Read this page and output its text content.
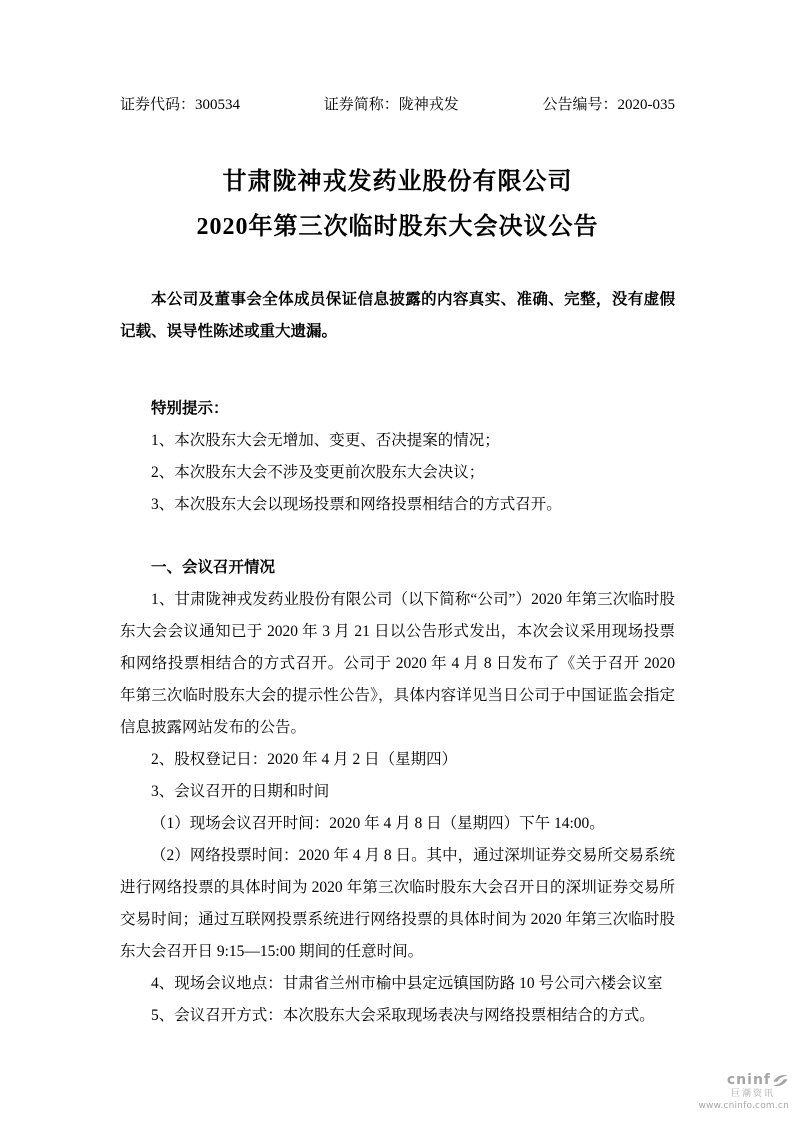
证券代码：300534	证券简称：陇神戎发	公告编号：2020-035
甘肃陇神戎发药业股份有限公司
2020年第三次临时股东大会决议公告

本公司及董事会全体成员保证信息披露的内容真实、准确、完整，没有虚假记载、误导性陈述或重大遗漏。

特别提示：

1、本次股东大会无增加、变更、否决提案的情况；

2、本次股东大会不涉及变更前次股东大会决议；

3、本次股东大会以现场投票和网络投票相结合的方式召开。

一、会议召开情况

1、甘肃陇神戎发药业股份有限公司（以下简称“公司”）2020 年第三次临时股东大会会议通知已于 2020 年 3 月 21 日以公告形式发出，本次会议采用现场投票和网络投票相结合的方式召开。公司于 2020 年 4 月 8 日发布了《关于召开 2020 年第三次临时股东大会的提示性公告》，具体内容详见当日公司于中国证监会指定信息披露网站发布的公告。

2、股权登记日：2020 年 4 月 2 日（星期四）

3、会议召开的日期和时间

（1）现场会议召开时间：2020 年 4 月 8 日（星期四）下午 14:00。

（2）网络投票时间：2020 年 4 月 8 日。其中，通过深圳证券交易所交易系统进行网络投票的具体时间为 2020 年第三次临时股东大会召开日的深圳证券交易所交易时间；通过互联网投票系统进行网络投票的具体时间为 2020 年第三次临时股东大会召开日 9:15—15:00 期间的任意时间。

4、现场会议地点：甘肃省兰州市榆中县定远镇国防路 10 号公司六楼会议室

5、会议召开方式：本次股东大会采取现场表决与网络投票相结合的方式。

cninf
巨潮资讯
www.cninfo.com.cn
